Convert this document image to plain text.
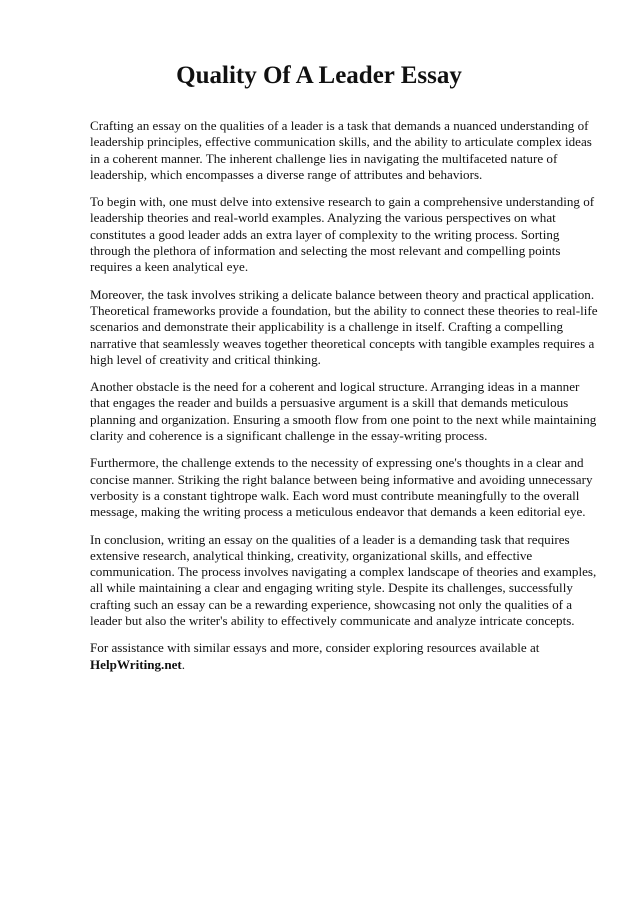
Quality Of A Leader Essay

Crafting an essay on the qualities of a leader is a task that demands a nuanced understanding of
leadership principles, effective communication skills, and the ability to articulate complex ideas
in a coherent manner. The inherent challenge lies in navigating the multifaceted nature of
leadership, which encompasses a diverse range of attributes and behaviors.

To begin with, one must delve into extensive research to gain a comprehensive understanding of
leadership theories and real-world examples. Analyzing the various perspectives on what
constitutes a good leader adds an extra layer of complexity to the writing process. Sorting
through the plethora of information and selecting the most relevant and compelling points
requires a keen analytical eye.

Moreover, the task involves striking a delicate balance between theory and practical application.
Theoretical frameworks provide a foundation, but the ability to connect these theories to real-life
scenarios and demonstrate their applicability is a challenge in itself. Crafting a compelling
narrative that seamlessly weaves together theoretical concepts with tangible examples requires a
high level of creativity and critical thinking.

Another obstacle is the need for a coherent and logical structure. Arranging ideas in a manner
that engages the reader and builds a persuasive argument is a skill that demands meticulous
planning and organization. Ensuring a smooth flow from one point to the next while maintaining
clarity and coherence is a significant challenge in the essay-writing process.

Furthermore, the challenge extends to the necessity of expressing one's thoughts in a clear and
concise manner. Striking the right balance between being informative and avoiding unnecessary
verbosity is a constant tightrope walk. Each word must contribute meaningfully to the overall
message, making the writing process a meticulous endeavor that demands a keen editorial eye.

In conclusion, writing an essay on the qualities of a leader is a demanding task that requires
extensive research, analytical thinking, creativity, organizational skills, and effective
communication. The process involves navigating a complex landscape of theories and examples,
all while maintaining a clear and engaging writing style. Despite its challenges, successfully
crafting such an essay can be a rewarding experience, showcasing not only the qualities of a
leader but also the writer's ability to effectively communicate and analyze intricate concepts.

For assistance with similar essays and more, consider exploring resources available at
HelpWriting.net.
